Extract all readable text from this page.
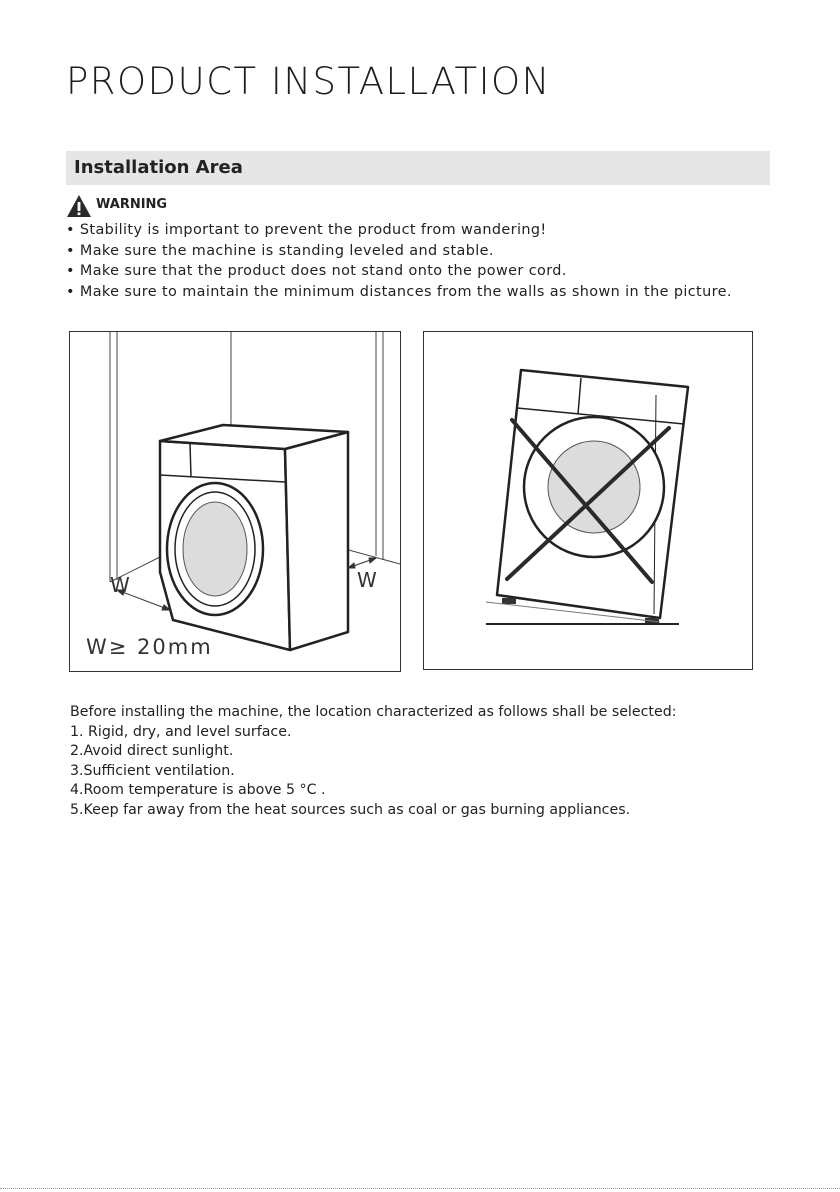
PRODUCT INSTALLATION
Installation Area
WARNING
• Stability is important to prevent the product from wandering!
• Make sure the machine is standing leveled and stable.
• Make sure that the product does not stand onto the power cord.
• Make sure to maintain the minimum distances from the walls as shown in the picture.
W	W
W≥ 20mm
Before installing the machine, the location characterized as follows shall be selected:
1. Rigid, dry, and level surface.
2.Avoid direct sunlight.
3.Sufficient ventilation.
4.Room temperature is above 5 °C .
5.Keep far away from the heat sources such as coal or gas burning appliances.
